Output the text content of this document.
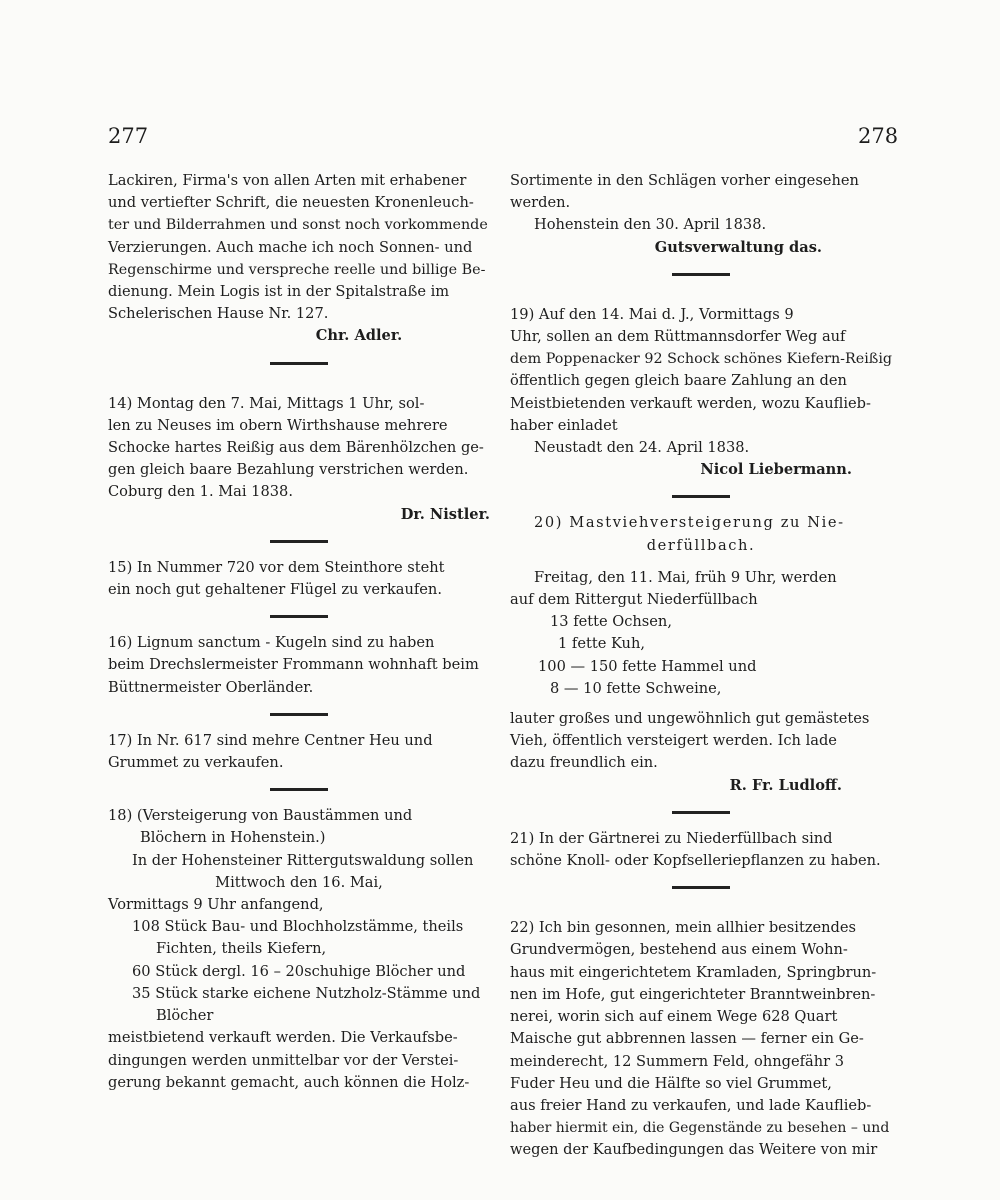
277	278
Lackiren, Firma's von allen Arten mit erhabener
und vertiefter Schrift, die neuesten Kronenleuch-
ter und Bilderrahmen und sonst noch vorkommende
Verzierungen. Auch mache ich noch Sonnen- und
Regenschirme und verspreche reelle und billige Be-
dienung. Mein Logis ist in der Spitalstraße im
Schelerischen Hause Nr. 127.
Chr. Adler.
14) Montag den 7. Mai, Mittags 1 Uhr, sol-
len zu Neuses im obern Wirthshause mehrere
Schocke hartes Reißig aus dem Bärenhölzchen ge-
gen gleich baare Bezahlung verstrichen werden.
Coburg den 1. Mai 1838.
Dr. Nistler.
15) In Nummer 720 vor dem Steinthore steht
ein noch gut gehaltener Flügel zu verkaufen.
16) Lignum sanctum - Kugeln sind zu haben
beim Drechslermeister Frommann wohnhaft beim
Büttnermeister Oberländer.
17) In Nr. 617 sind mehre Centner Heu und
Grummet zu verkaufen.
18) (Versteigerung von Baustämmen und
Blöchern in Hohenstein.)
In der Hohensteiner Rittergutswaldung sollen
Mittwoch den 16. Mai,
Vormittags 9 Uhr anfangend,
108 Stück Bau- und Blochholzstämme, theils
Fichten, theils Kiefern,
60 Stück dergl. 16 – 20schuhige Blöcher und
35 Stück starke eichene Nutzholz-Stämme und
Blöcher
meistbietend verkauft werden. Die Verkaufsbe-
dingungen werden unmittelbar vor der Verstei-
gerung bekannt gemacht, auch können die Holz-
Sortimente in den Schlägen vorher eingesehen
werden.
Hohenstein den 30. April 1838.
Gutsverwaltung das.
19) Auf den 14. Mai d. J., Vormittags 9
Uhr, sollen an dem Rüttmannsdorfer Weg auf
dem Poppenacker 92 Schock schönes Kiefern-Reißig
öffentlich gegen gleich baare Zahlung an den
Meistbietenden verkauft werden, wozu Kauflieb-
haber einladet
Neustadt den 24. April 1838.
Nicol Liebermann.
20) Mastviehversteigerung zu Nie-
derfüllbach.
Freitag, den 11. Mai, früh 9 Uhr, werden
auf dem Rittergut Niederfüllbach
13 fette Ochsen,
1 fette Kuh,
100 — 150 fette Hammel und
8 — 10 fette Schweine,
lauter großes und ungewöhnlich gut gemästetes
Vieh, öffentlich versteigert werden. Ich lade
dazu freundlich ein.
R. Fr. Ludloff.
21) In der Gärtnerei zu Niederfüllbach sind
schöne Knoll- oder Kopfsellerіepflanzen zu haben.
22) Ich bin gesonnen, mein allhier besitzendes
Grundvermögen, bestehend aus einem Wohn-
haus mit eingerichtetem Kramladen, Springbrun-
nen im Hofe, gut eingerichteter Branntweinbren-
nerei, worin sich auf einem Wege 628 Quart
Maische gut abbrennen lassen — ferner ein Ge-
meinderecht, 12 Summern Feld, ohngefähr 3
Fuder Heu und die Hälfte so viel Grummet,
aus freier Hand zu verkaufen, und lade Kauflieb-
haber hiermit ein, die Gegenstände zu besehen – und
wegen der Kaufbedingungen das Weitere von mir
